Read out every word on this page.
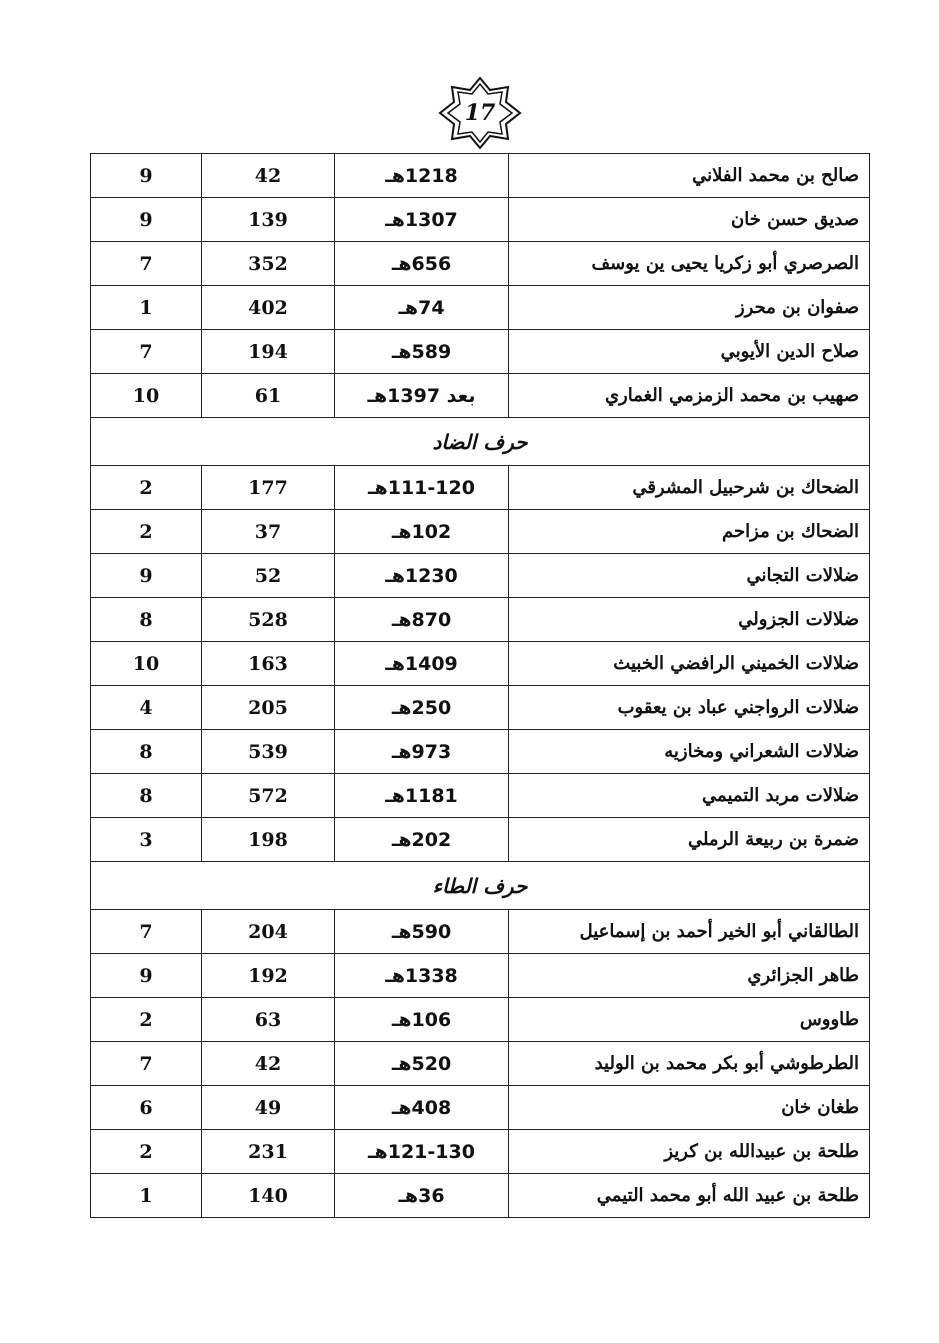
17
صالح بن محمد الفلاني	1218هـ	42	9
صديق حسن خان	1307هـ	139	9
الصرصري أبو زكريا يحيى ين يوسف	656هـ	352	7
صفوان بن محرز	74هـ	402	1
صلاح الدين الأيوبي	589هـ	194	7
صهيب بن محمد الزمزمي الغماري	بعد 1397هـ	61	10
حرف الضاد			
الضحاك بن شرحبيل المشرقي	111-120هـ	177	2
الضحاك بن مزاحم	102هـ	37	2
ضلالات التجاني	1230هـ	52	9
ضلالات الجزولي	870هـ	528	8
ضلالات الخميني الرافضي الخبيث	1409هـ	163	10
ضلالات الرواجني عباد بن يعقوب	250هـ	205	4
ضلالات الشعراني ومخازيه	973هـ	539	8
ضلالات مربد التميمي	1181هـ	572	8
ضمرة بن ربيعة الرملي	202هـ	198	3
حرف الطاء			
الطالقاني أبو الخير أحمد بن إسماعيل	590هـ	204	7
طاهر الجزائري	1338هـ	192	9
طاووس	106هـ	63	2
الطرطوشي أبو بكر محمد بن الوليد	520هـ	42	7
طغان خان	408هـ	49	6
طلحة بن عبيدالله بن كريز	121-130هـ	231	2
طلحة بن عبيد الله أبو محمد التيمي	36هـ	140	1
